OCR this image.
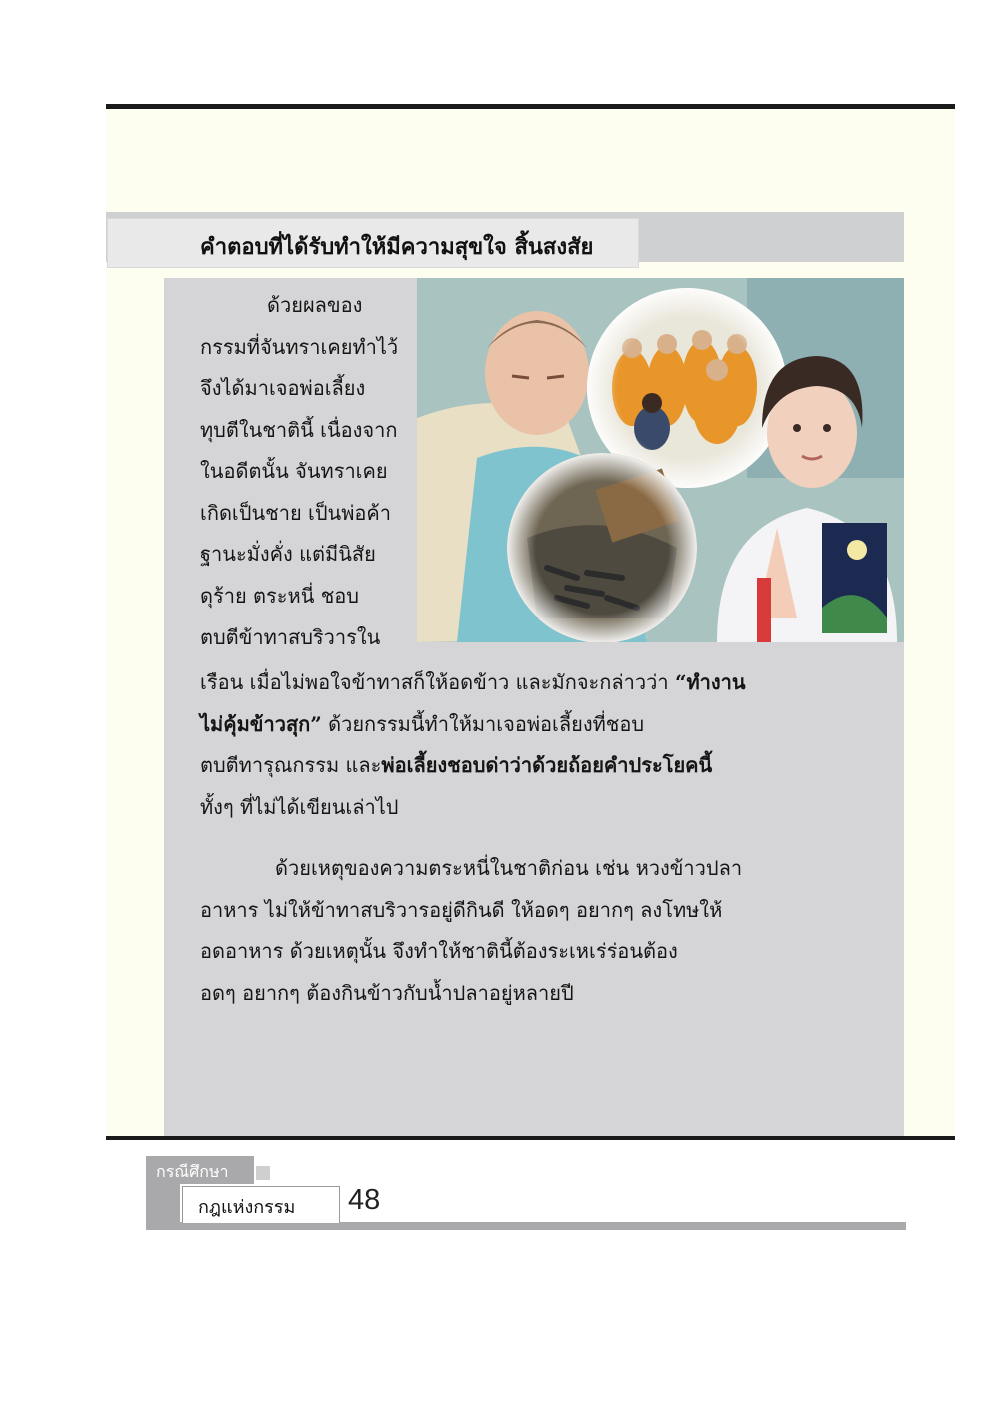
คำตอบที่ได้รับทำให้มีความสุขใจ สิ้นสงสัย
ด้วยผลของ
กรรมที่จันทราเคยทำไว้
จึงได้มาเจอพ่อเลี้ยง
ทุบตีในชาตินี้ เนื่องจาก
ในอดีตนั้น จันทราเคย
เกิดเป็นชาย เป็นพ่อค้า
ฐานะมั่งคั่ง แต่มีนิสัย
ดุร้าย ตระหนี่ ชอบ
ตบตีข้าทาสบริวารใน
เรือน เมื่อไม่พอใจข้าทาสก็ให้อดข้าว และมักจะกล่าวว่า “ทำงาน
ไม่คุ้มข้าวสุก” ด้วยกรรมนี้ทำให้มาเจอพ่อเลี้ยงที่ชอบ
ตบตีทารุณกรรม และพ่อเลี้ยงชอบด่าว่าด้วยถ้อยคำประโยคนี้
ทั้งๆ ที่ไม่ได้เขียนเล่าไป
ด้วยเหตุของความตระหนี่ในชาติก่อน เช่น หวงข้าวปลา
อาหาร ไม่ให้ข้าทาสบริวารอยู่ดีกินดี ให้อดๆ อยากๆ ลงโทษให้
อดอาหาร ด้วยเหตุนั้น จึงทำให้ชาตินี้ต้องระเหเร่ร่อนต้อง
อดๆ อยากๆ ต้องกินข้าวกับน้ำปลาอยู่หลายปี
กรณีศึกษา
กฎแห่งกรรม 48
